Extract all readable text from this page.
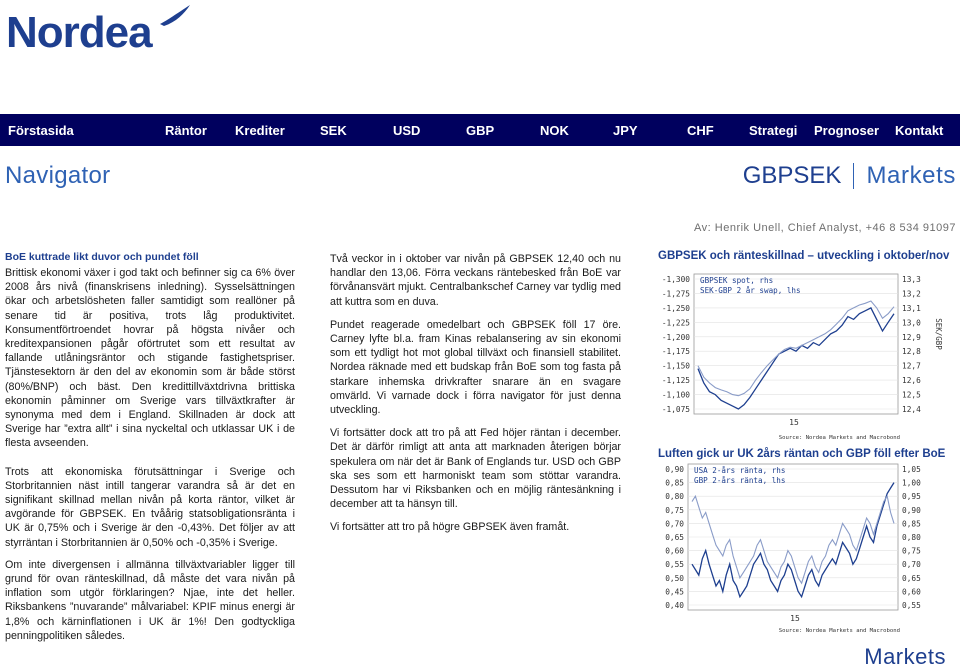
Nordea
Förstasida	Räntor Krediter	SEK	USD	GBP	NOK	JPY	CHF	Strategi Prognoser Kontakt
Navigator	GBPSEK Markets
Av: Henrik Unell, Chief Analyst, +46 8 534 91097
BoE kuttrade likt duvor och pundet föll

Brittisk ekonomi växer i god takt och befinner sig ca 6% över 2008 års nivå (finanskrisens inledning). Sysselsättningen ökar och arbetslösheten faller samtidigt som reallöner på senare tid är positiva, trots låg produktivitet. Konsumentförtroendet hovrar på högsta nivåer och kreditexpansionen pågår oförtrutet som ett resultat av fallande utlåningsräntor och stigande fastighetspriser. Tjänstesektorn är den del av ekonomin som är både störst (80%/BNP) och bäst. Den kredittillväxtdrivna brittiska ekonomin påminner om Sverige vars tillväxtkrafter är synonyma med dem i England. Skillnaden är dock att Sverige har ”extra allt” i sina nyckeltal och utklassar UK i de flesta avseenden.

Trots att ekonomiska förutsättningar i Sverige och Storbritannien näst intill tangerar varandra så är det en signifikant skillnad mellan nivån på korta räntor, vilket är avgörande för GBPSEK. En tvåårig statsobligationsränta i UK är 0,75% och i Sverige är den -0,43%. Det följer av att styrräntan i Storbritannien är 0,50% och -0,35% i Sverige.

Om inte divergensen i allmänna tillväxtvariabler ligger till grund för ovan ränteskillnad, då måste det vara nivån på inflation som utgör förklaringen? Njae, inte det heller. Riksbankens ”nuvarande” målvariabel: KPIF minus energi är 1,8% och kärninflationen i UK är 1%! Den godtyckliga penningpolitiken således.

Två veckor in i oktober var nivån på GBPSEK 12,40 och nu handlar den 13,06. Förra veckans räntebesked från BoE var förvånansvärt mjukt. Centralbankschef Carney var tydlig med att kuttra som en duva.

Pundet reagerade omedelbart och GBPSEK föll 17 öre. Carney lyfte bl.a. fram Kinas rebalansering av sin ekonomi som ett tydligt hot mot global tillväxt och finansiell stabilitet. Nordea räknade med ett budskap från BoE som tog fasta på starkare inhemska drivkrafter snarare än en svagare omvärld. Vi varnade dock i förra navigator för just denna utveckling.

Vi fortsätter dock att tro på att Fed höjer räntan i december. Det är därför rimligt att anta att marknaden återigen börjar spekulera om när det är Bank of Englands tur. USD och GBP ska ses som ett harmoniskt team som stöttar varandra. Dessutom har vi Riksbanken och en möjlig räntesänkning i december att ta hänsyn till.

Vi fortsätter att tro på högre GBPSEK även framåt.

GBPSEK och ränteskillnad – utveckling i oktober/nov
Luften gick ur UK 2års räntan och GBP föll efter BoE
-1,300
-1,275
-1,250
-1,225
-1,200
-1,175
-1,150
-1,125
-1,100
-1,075
13,3
13,2
13,1
13,0
12,9
12,8
12,7
12,6
12,5
12,4
15
GBPSEK spot, rhs
SEK-GBP 2 år swap, lhs
SEK/GBP
Source: Nordea Markets and Macrobond
0,90
0,85
0,80
0,75
0,70
0,65
0,60
0,55
0,50
0,45
0,40
1,05
1,00
0,95
0,90
0,85
0,80
0,75
0,70
0,65
0,60
0,55
15
USA 2-års ränta, rhs
GBP 2-års ränta, lhs
Source: Nordea Markets and Macrobond
Markets
